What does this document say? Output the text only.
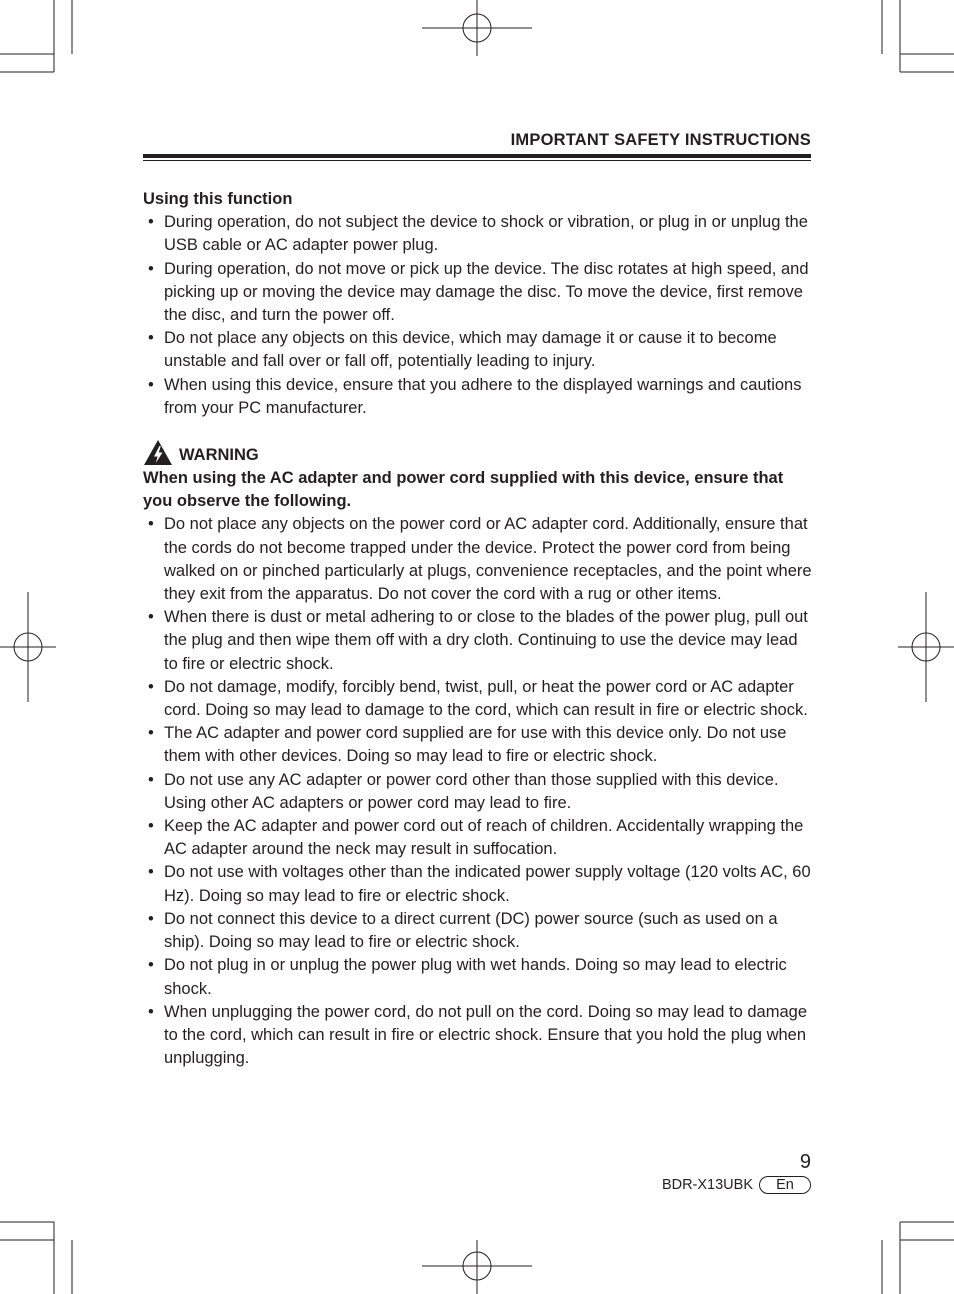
IMPORTANT SAFETY INSTRUCTIONS
Using this function
• During operation, do not subject the device to shock or vibration, or plug in or unplug the USB cable or AC adapter power plug.
• During operation, do not move or pick up the device. The disc rotates at high speed, and picking up or moving the device may damage the disc. To move the device, first remove the disc, and turn the power off.
• Do not place any objects on this device, which may damage it or cause it to become unstable and fall over or fall off, potentially leading to injury.
• When using this device, ensure that you adhere to the displayed warnings and cautions from your PC manufacturer.
WARNING
When using the AC adapter and power cord supplied with this device, ensure that you observe the following.
• Do not place any objects on the power cord or AC adapter cord. Additionally, ensure that the cords do not become trapped under the device. Protect the power cord from being walked on or pinched particularly at plugs, convenience receptacles, and the point where they exit from the apparatus. Do not cover the cord with a rug or other items.
• When there is dust or metal adhering to or close to the blades of the power plug, pull out the plug and then wipe them off with a dry cloth. Continuing to use the device may lead to fire or electric shock.
• Do not damage, modify, forcibly bend, twist, pull, or heat the power cord or AC adapter cord. Doing so may lead to damage to the cord, which can result in fire or electric shock.
• The AC adapter and power cord supplied are for use with this device only. Do not use them with other devices. Doing so may lead to fire or electric shock.
• Do not use any AC adapter or power cord other than those supplied with this device. Using other AC adapters or power cord may lead to fire.
• Keep the AC adapter and power cord out of reach of children. Accidentally wrapping the AC adapter around the neck may result in suffocation.
• Do not use with voltages other than the indicated power supply voltage (120 volts AC, 60 Hz). Doing so may lead to fire or electric shock.
• Do not connect this device to a direct current (DC) power source (such as used on a ship). Doing so may lead to fire or electric shock.
• Do not plug in or unplug the power plug with wet hands. Doing so may lead to electric shock.
• When unplugging the power cord, do not pull on the cord. Doing so may lead to damage to the cord, which can result in fire or electric shock. Ensure that you hold the plug when unplugging.
9
BDR-X13UBK	En
